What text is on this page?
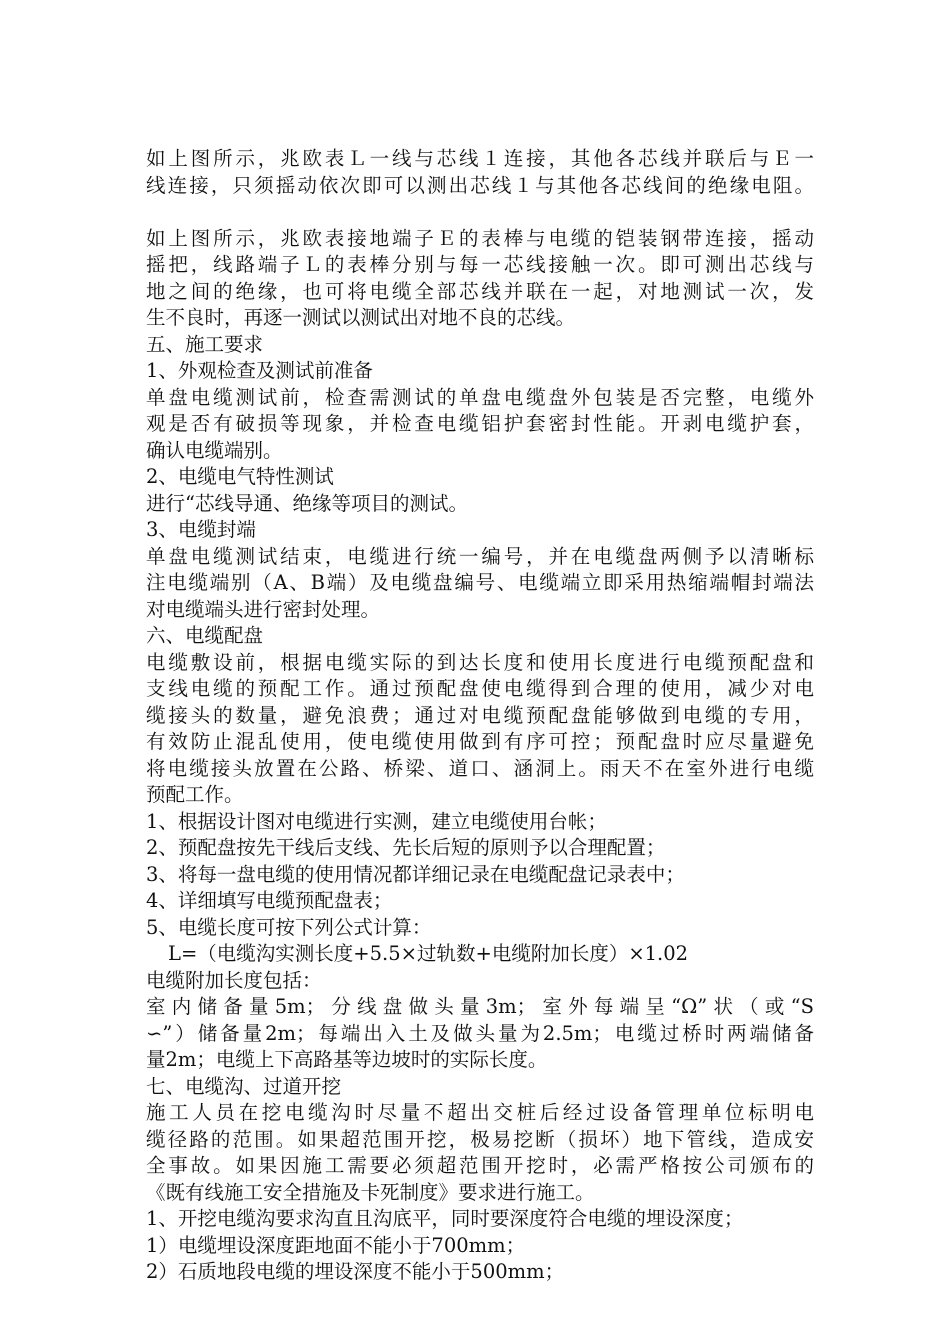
如上图所示，兆欧表Ｌ一线与芯线１连接，其他各芯线并联后与Ｅ一
线连接，只须摇动依次即可以测出芯线１与其他各芯线间的绝缘电阻。
如上图所示，兆欧表接地端子Ｅ的表棒与电缆的铠装钢带连接，摇动
摇把，线路端子Ｌ的表棒分别与每一芯线接触一次。即可测出芯线与
地之间的绝缘，也可将电缆全部芯线并联在一起，对地测试一次，发
生不良时，再逐一测试以测试出对地不良的芯线。
五、施工要求
1、外观检查及测试前准备
单盘电缆测试前，检查需测试的单盘电缆盘外包装是否完整，电缆外
观是否有破损等现象，并检查电缆铝护套密封性能。开剥电缆护套，
确认电缆端别。
2、电缆电气特性测试
进行“芯线导通、绝缘等项目的测试。
3、电缆封端
单盘电缆测试结束，电缆进行统一编号，并在电缆盘两侧予以清晰标
注电缆端别（A、B端）及电缆盘编号、电缆端立即采用热缩端帽封端法
对电缆端头进行密封处理。
六、电缆配盘
电缆敷设前，根据电缆实际的到达长度和使用长度进行电缆预配盘和
支线电缆的预配工作。通过预配盘使电缆得到合理的使用，减少对电
缆接头的数量，避免浪费；通过对电缆预配盘能够做到电缆的专用，
有效防止混乱使用，使电缆使用做到有序可控；预配盘时应尽量避免
将电缆接头放置在公路、桥梁、道口、涵洞上。雨天不在室外进行电缆
预配工作。
1、根据设计图对电缆进行实测，建立电缆使用台帐；
2、预配盘按先干线后支线、先长后短的原则予以合理配置；
3、将每一盘电缆的使用情况都详细记录在电缆配盘记录表中；
4、详细填写电缆预配盘表；
5、电缆长度可按下列公式计算：
L=（电缆沟实测长度+5.5×过轨数+电缆附加长度）×1.02
电缆附加长度包括：
室内储备量5m；分线盘做头量3m；室外每端呈“Ω”状（或“S
∽”）储备量2m；每端出入土及做头量为2.5m；电缆过桥时两端储备
量2m；电缆上下高路基等边坡时的实际长度。
七、电缆沟、过道开挖
施工人员在挖电缆沟时尽量不超出交桩后经过设备管理单位标明电
缆径路的范围。如果超范围开挖，极易挖断（损坏）地下管线，造成安
全事故。如果因施工需要必须超范围开挖时，必需严格按公司颁布的
《既有线施工安全措施及卡死制度》要求进行施工。
1、开挖电缆沟要求沟直且沟底平，同时要深度符合电缆的埋设深度；
1）电缆埋设深度距地面不能小于700mm；
2）石质地段电缆的埋设深度不能小于500mm；
